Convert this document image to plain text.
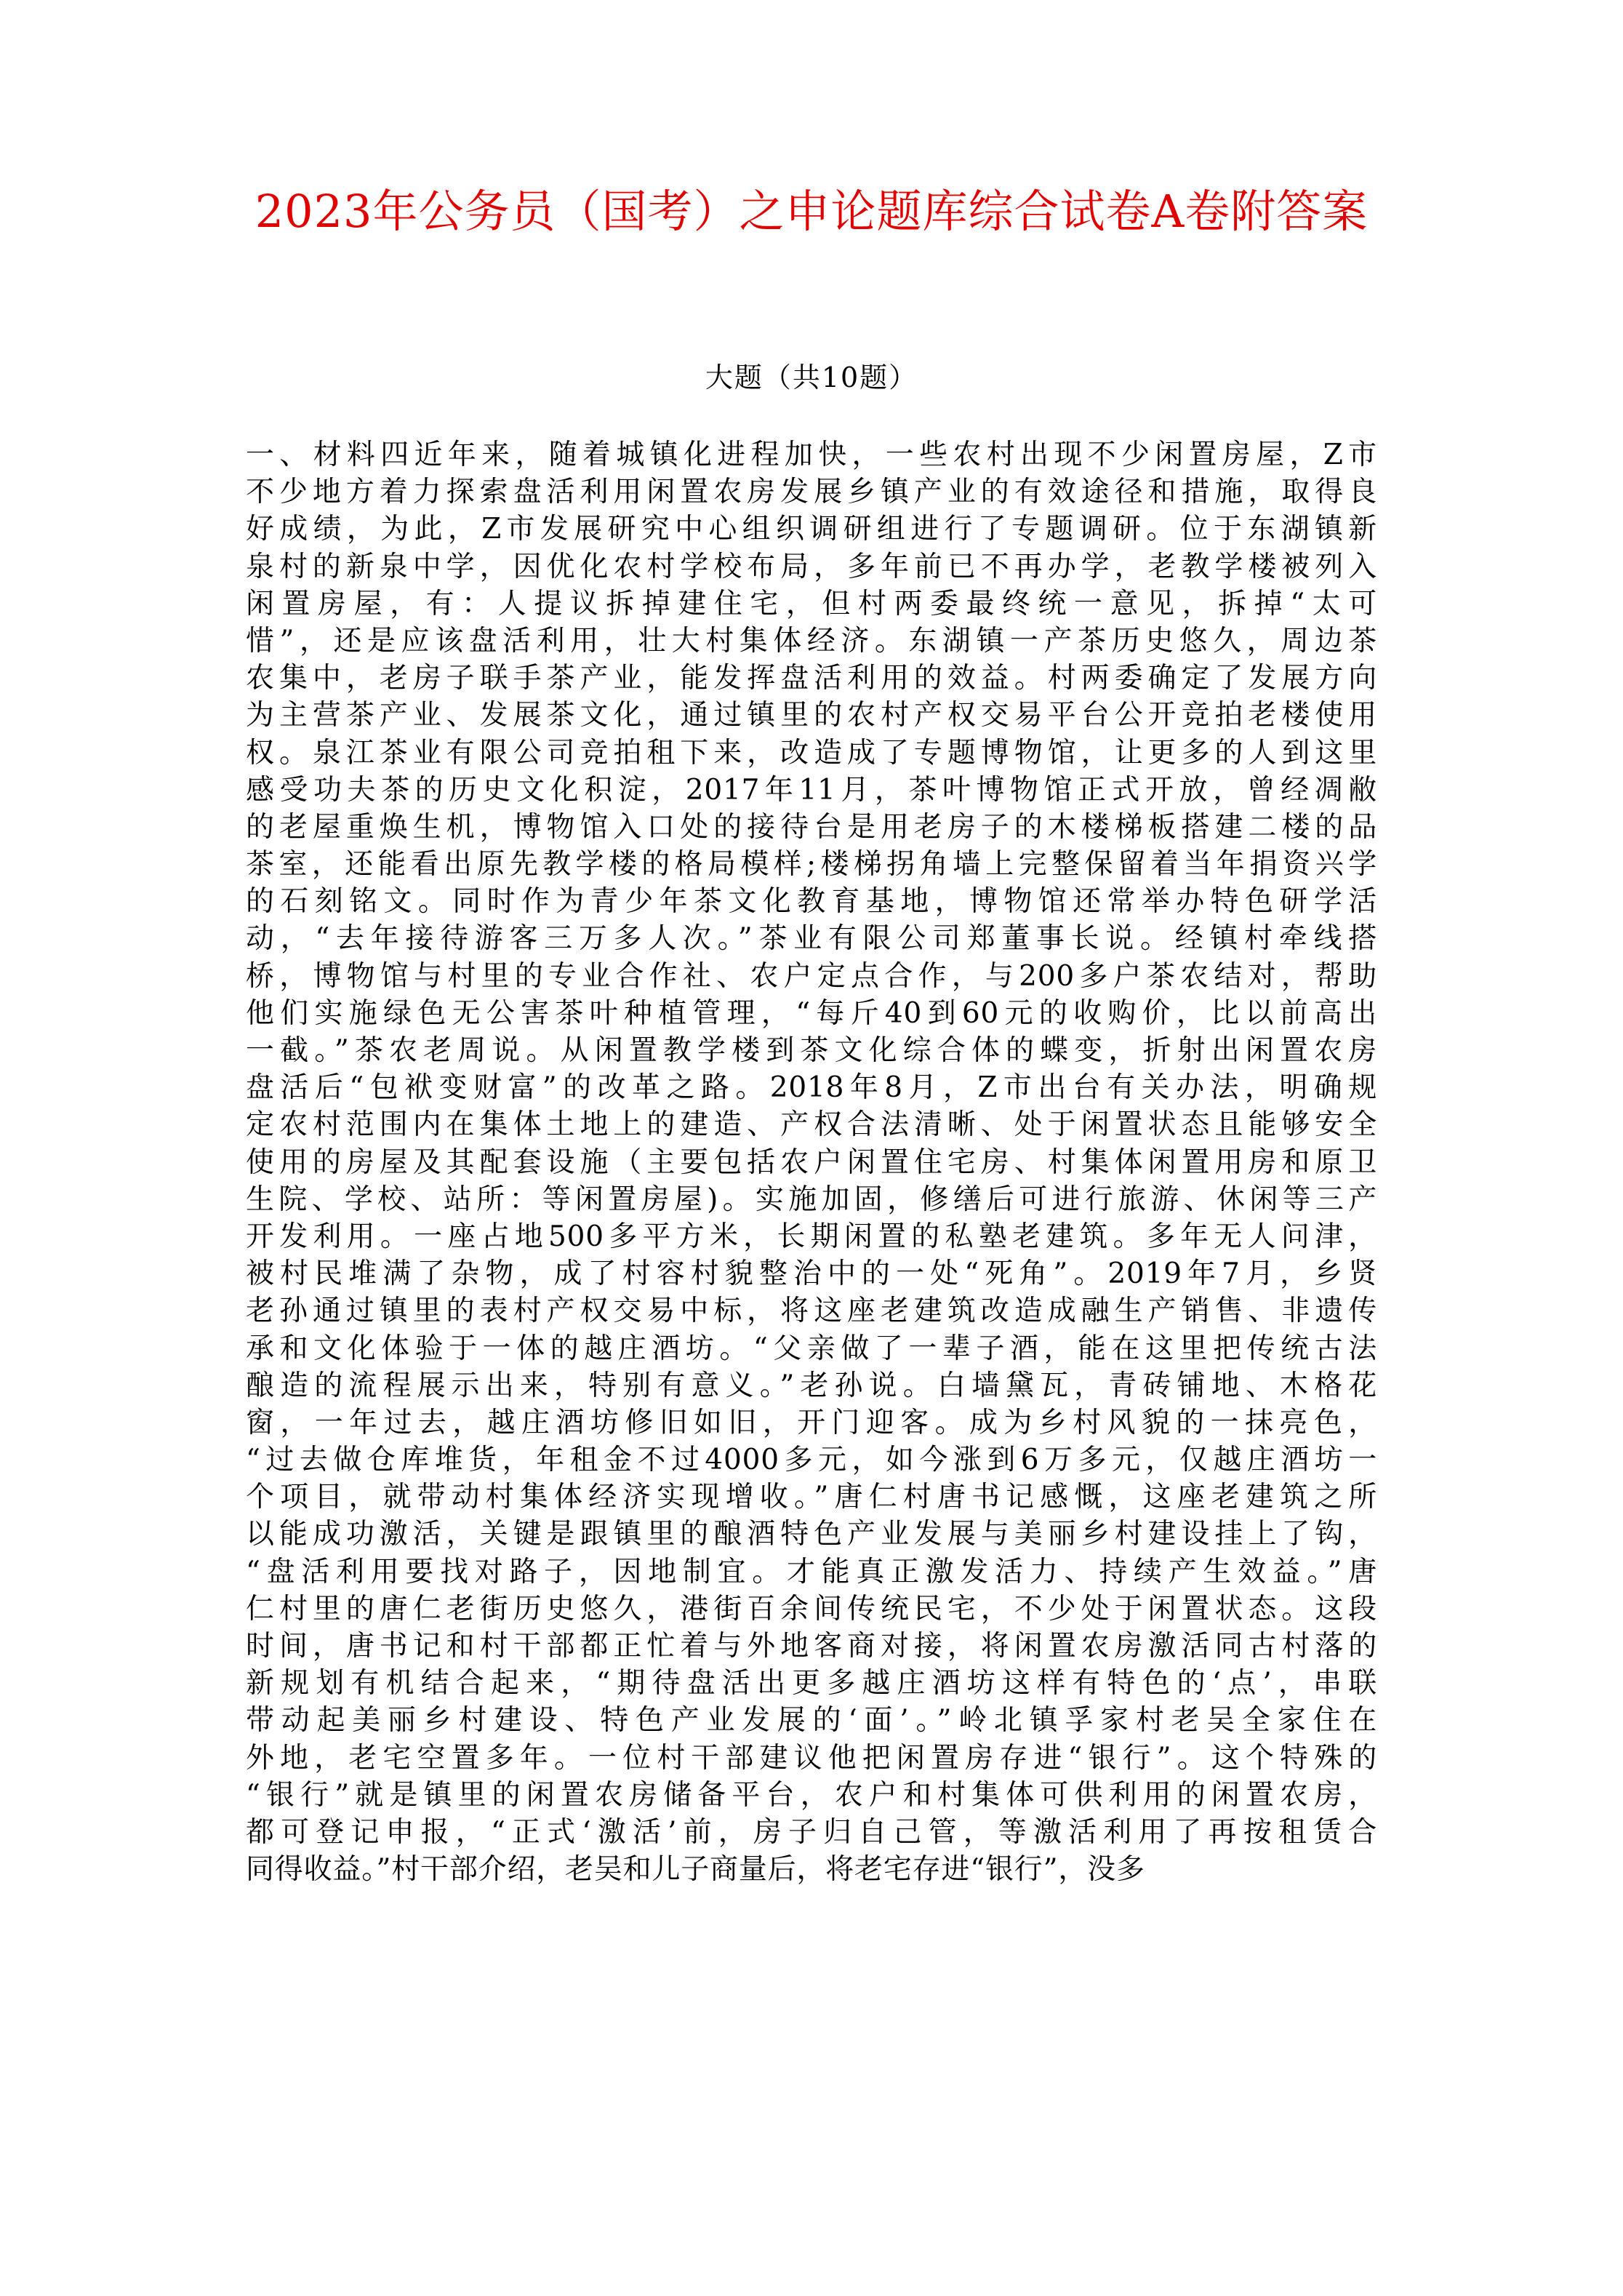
2023年公务员（国考）之申论题库综合试卷A卷附答案
大题（共10题）
一、材料四近年来，随着城镇化进程加快，一些农村出现不少闲置房屋，Z市
不少地方着力探索盘活利用闲置农房发展乡镇产业的有效途径和措施，取得良
好成绩，为此，Z市发展研究中心组织调研组进行了专题调研。位于东湖镇新
泉村的新泉中学，因优化农村学校布局，多年前已不再办学，老教学楼被列入
闲置房屋，有：人提议拆掉建住宅，但村两委最终统一意见，拆掉“太可
惜”，还是应该盘活利用，壮大村集体经济。东湖镇一产茶历史悠久，周边茶
农集中，老房子联手茶产业，能发挥盘活利用的效益。村两委确定了发展方向
为主营茶产业、发展茶文化，通过镇里的农村产权交易平台公开竞拍老楼使用
权。泉江茶业有限公司竞拍租下来，改造成了专题博物馆，让更多的人到这里
感受功夫茶的历史文化积淀，2017年11月，茶叶博物馆正式开放，曾经凋敝
的老屋重焕生机，博物馆入口处的接待台是用老房子的木楼梯板搭建二楼的品
茶室，还能看出原先教学楼的格局模样;楼梯拐角墙上完整保留着当年捐资兴学
的石刻铭文。同时作为青少年茶文化教育基地，博物馆还常举办特色研学活
动，“去年接待游客三万多人次。”茶业有限公司郑董事长说。经镇村牵线搭
桥，博物馆与村里的专业合作社、农户定点合作，与200多户茶农结对，帮助
他们实施绿色无公害茶叶种植管理，“每斤40到60元的收购价，比以前高出
一截。”茶农老周说。从闲置教学楼到茶文化综合体的蝶变，折射出闲置农房
盘活后“包袱变财富”的改革之路。2018年8月，Z市出台有关办法，明确规
定农村范围内在集体土地上的建造、产权合法清晰、处于闲置状态且能够安全
使用的房屋及其配套设施（主要包括农户闲置住宅房、村集体闲置用房和原卫
生院、学校、站所：等闲置房屋)。实施加固，修缮后可进行旅游、休闲等三产
开发利用。一座占地500多平方米，长期闲置的私塾老建筑。多年无人问津，
被村民堆满了杂物，成了村容村貌整治中的一处“死角”。2019年7月，乡贤
老孙通过镇里的表村产权交易中标，将这座老建筑改造成融生产销售、非遗传
承和文化体验于一体的越庄酒坊。“父亲做了一辈子酒，能在这里把传统古法
酿造的流程展示出来，特别有意义。”老孙说。白墙黛瓦，青砖铺地、木格花
窗，一年过去，越庄酒坊修旧如旧，开门迎客。成为乡村风貌的一抹亮色，
“过去做仓库堆货，年租金不过4000多元，如今涨到6万多元，仅越庄酒坊一
个项目，就带动村集体经济实现增收。”唐仁村唐书记感慨，这座老建筑之所
以能成功激活，关键是跟镇里的酿酒特色产业发展与美丽乡村建设挂上了钩，
“盘活利用要找对路子，因地制宜。才能真正激发活力、持续产生效益。”唐
仁村里的唐仁老街历史悠久，港街百余间传统民宅，不少处于闲置状态。这段
时间，唐书记和村干部都正忙着与外地客商对接，将闲置农房激活同古村落的
新规划有机结合起来，“期待盘活出更多越庄酒坊这样有特色的‘点’，串联
带动起美丽乡村建设、特色产业发展的‘面’。”岭北镇孚家村老吴全家住在
外地，老宅空置多年。一位村干部建议他把闲置房存进“银行”。这个特殊的
“银行”就是镇里的闲置农房储备平台，农户和村集体可供利用的闲置农房，
都可登记申报，“正式‘激活’前，房子归自己管，等激活利用了再按租赁合
同得收益。”村干部介绍，老吴和儿子商量后，将老宅存进“银行”，没多
